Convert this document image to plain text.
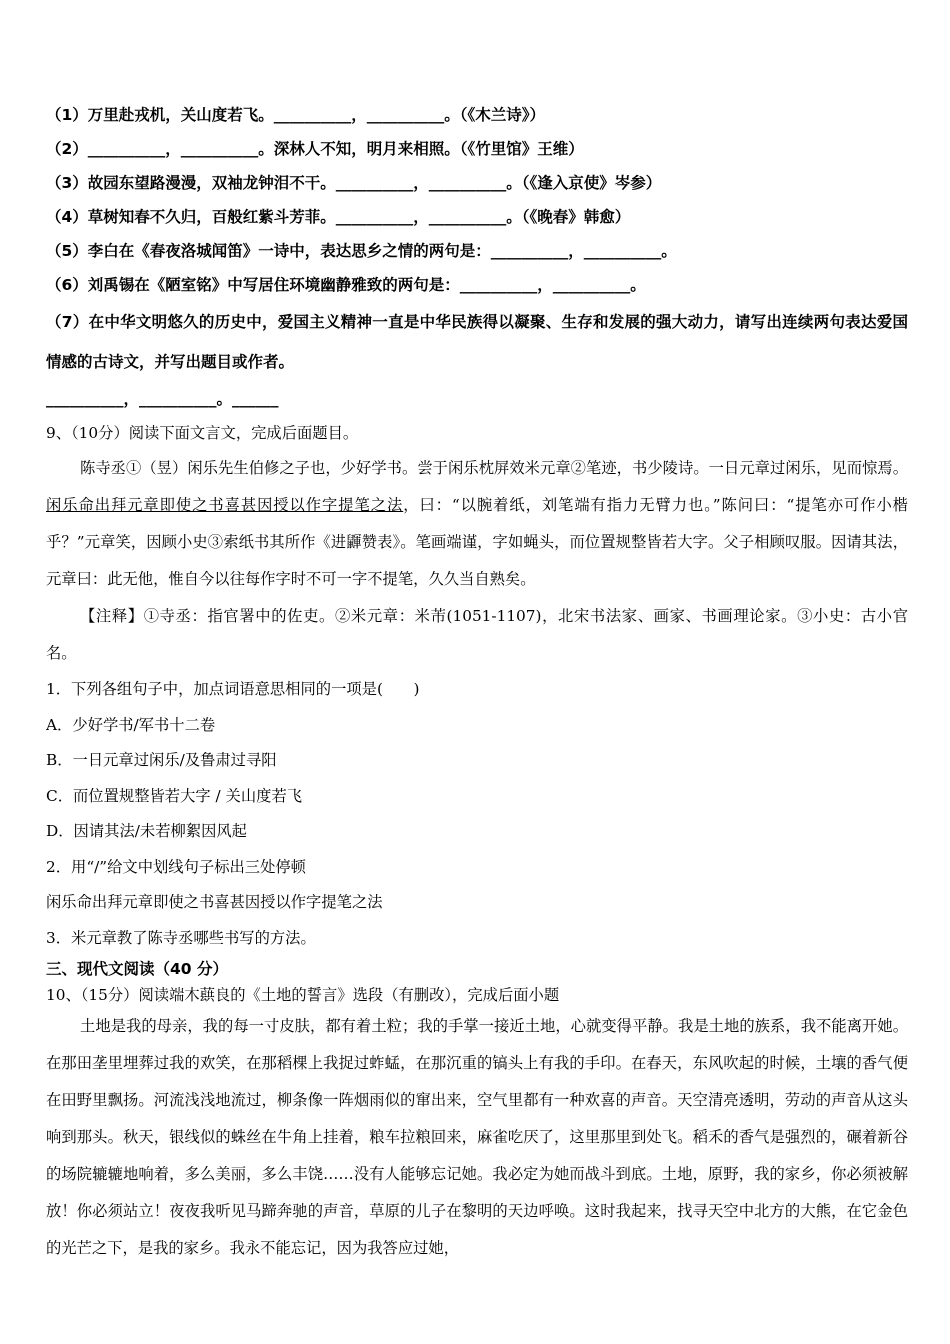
（1）万里赴戎机，关山度若飞。__________，__________。（《木兰诗》）

（2）__________，__________。深林人不知，明月来相照。（《竹里馆》王维）

（3）故园东望路漫漫，双袖龙钟泪不干。__________，__________。（《逢入京使》岑参）

（4）草树知春不久归，百般红紫斗芳菲。__________，__________。（《晚春》韩愈）

（5）李白在《春夜洛城闻笛》一诗中，表达思乡之情的两句是：__________，__________。

（6）刘禹锡在《陋室铭》中写居住环境幽静雅致的两句是：__________，__________。

（7）在中华文明悠久的历史中，爱国主义精神一直是中华民族得以凝聚、生存和发展的强大动力，请写出连续两句表达爱国情感的古诗文，并写出题目或作者。

__________，__________。______

9、（10分）阅读下面文言文，完成后面题目。

陈寺丞①（昱）闲乐先生伯修之子也，少好学书。尝于闲乐枕屏效米元章②笔迹，书少陵诗。一日元章过闲乐，见而惊焉。闲乐命出拜元章即使之书喜甚因授以作字提笔之法，曰：“以腕着纸，刘笔端有指力无臂力也。”陈问曰：“提笔亦可作小楷乎？”元章笑，因顾小史③索纸书其所作《进鼲赞表》。笔画端谨，字如蝇头，而位置规整皆若大字。父子相顾叹服。因请其法，元章曰：此无他，惟自今以往每作字时不可一字不提笔，久久当自熟矣。

【注释】①寺丞：指官署中的佐吏。②米元章：米芾(1051-1107)，北宋书法家、画家、书画理论家。③小史：古小官名。

1．下列各组句子中，加点词语意思相同的一项是(　　)

A．少好学书/军书十二卷

B．一日元章过闲乐/及鲁肃过寻阳

C．而位置规整皆若大字 / 关山度若飞

D．因请其法/未若柳絮因风起

2．用“/”给文中划线句子标出三处停顿

闲乐命出拜元章即使之书喜甚因授以作字提笔之法

3．米元章教了陈寺丞哪些书写的方法。

三、现代文阅读（40 分）

10、（15分）阅读端木蕻良的《土地的誓言》选段（有删改），完成后面小题

土地是我的母亲，我的每一寸皮肤，都有着土粒；我的手掌一接近土地，心就变得平静。我是土地的族系，我不能离开她。在那田垄里埋葬过我的欢笑，在那稻棵上我捉过蚱蜢，在那沉重的镐头上有我的手印。在春天，东风吹起的时候，土壤的香气便在田野里飘扬。河流浅浅地流过，柳条像一阵烟雨似的窜出来，空气里都有一种欢喜的声音。天空清亮透明，劳动的声音从这头响到那头。秋天，银线似的蛛丝在牛角上挂着，粮车拉粮回来，麻雀吃厌了，这里那里到处飞。稻禾的香气是强烈的，碾着新谷的场院辘辘地响着，多么美丽，多么丰饶……没有人能够忘记她。我必定为她而战斗到底。土地，原野，我的家乡，你必须被解放！你必须站立！夜夜我听见马蹄奔驰的声音，草原的儿子在黎明的天边呼唤。这时我起来，找寻天空中北方的大熊，在它金色的光芒之下，是我的家乡。我永不能忘记，因为我答应过她，
